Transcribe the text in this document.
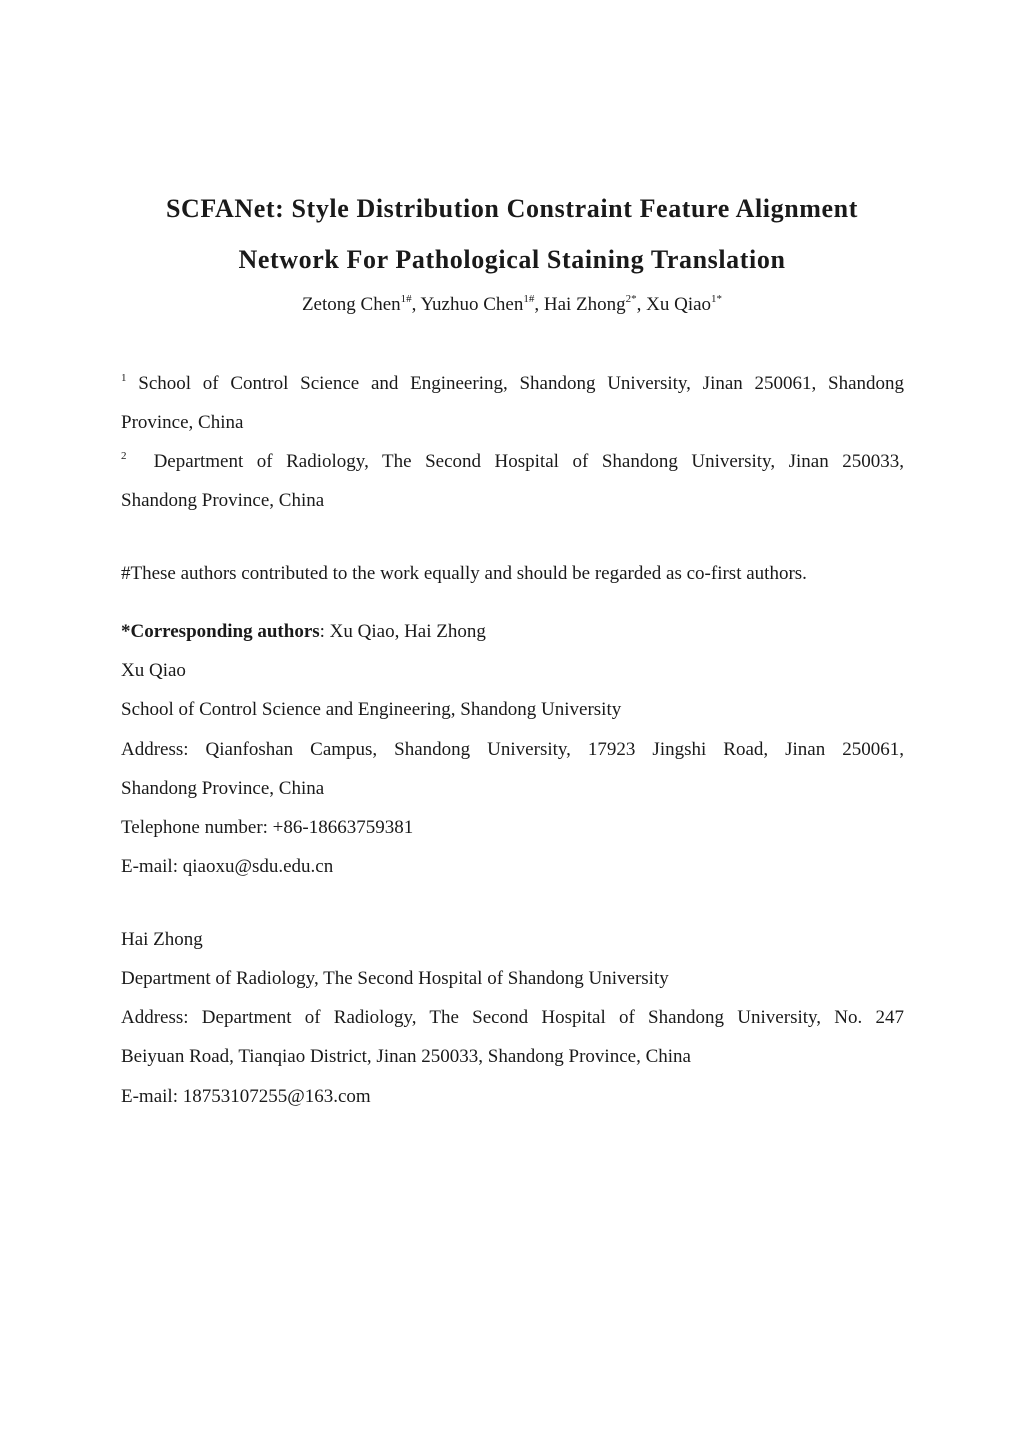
SCFANet: Style Distribution Constraint Feature Alignment
Network For Pathological Staining Translation
Zetong Chen$^{1\#}$, Yuzhuo Chen$^{1\#}$, Hai Zhong$^{2*}$, Xu Qiao$^{1*}$
$^1$ School of Control Science and Engineering, Shandong University, Jinan 250061, Shandong
Province, China
$^2$ Department of Radiology, The Second Hospital of Shandong University, Jinan 250033,
Shandong Province, China
#These authors contributed to the work equally and should be regarded as co-first authors.
*Corresponding authors: Xu Qiao, Hai Zhong
Xu Qiao
School of Control Science and Engineering, Shandong University
Address: Qianfoshan Campus, Shandong University, 17923 Jingshi Road, Jinan 250061,
Shandong Province, China
Telephone number: +86-18663759381
E-mail: qiaoxu@sdu.edu.cn
Hai Zhong
Department of Radiology, The Second Hospital of Shandong University
Address: Department of Radiology, The Second Hospital of Shandong University, No. 247
Beiyuan Road, Tianqiao District, Jinan 250033, Shandong Province, China
E-mail: 18753107255@163.com
